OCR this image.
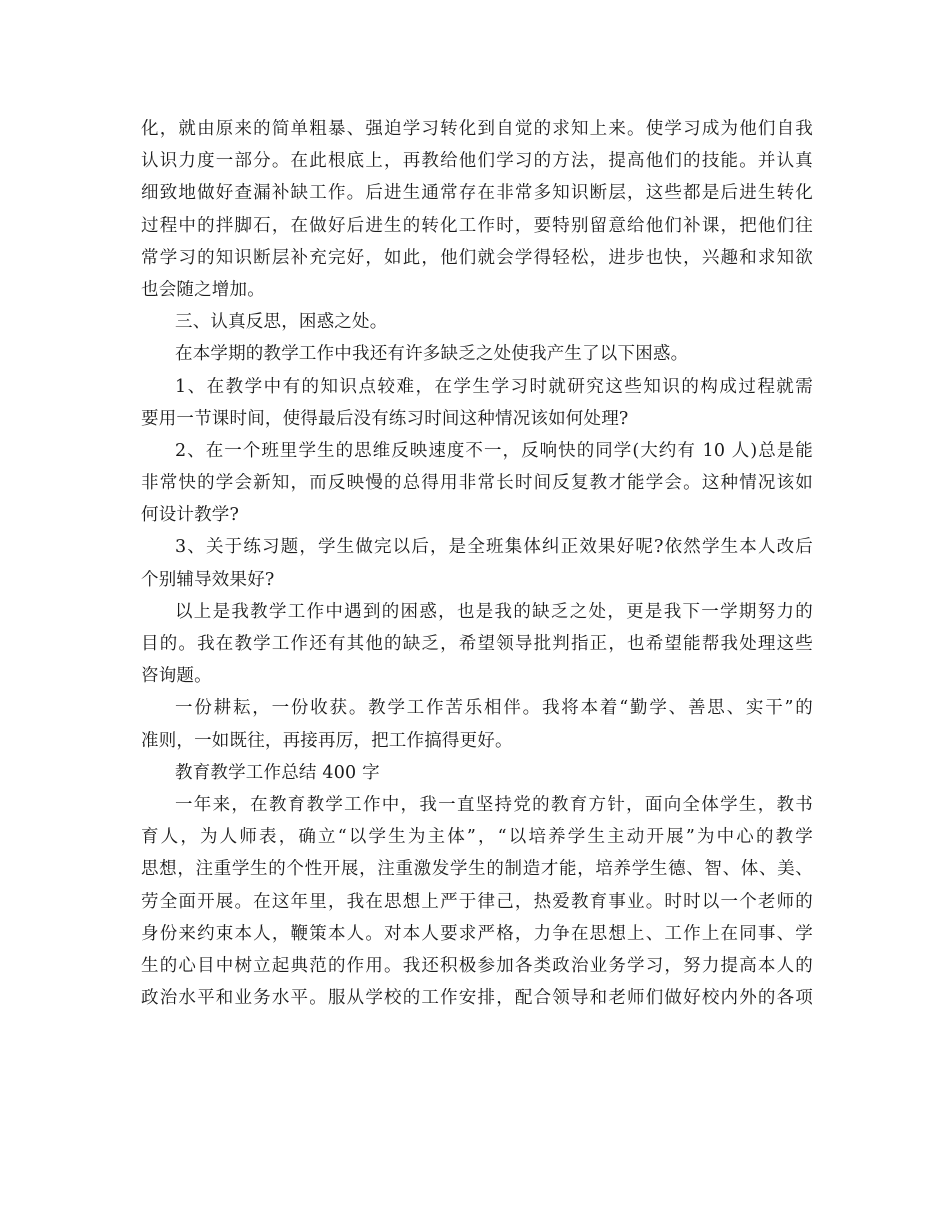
化，就由原来的简单粗暴、强迫学习转化到自觉的求知上来。使学习成为他们自我
认识力度一部分。在此根底上，再教给他们学习的方法，提高他们的技能。并认真
细致地做好查漏补缺工作。后进生通常存在非常多知识断层，这些都是后进生转化
过程中的拌脚石，在做好后进生的转化工作时，要特别留意给他们补课，把他们往
常学习的知识断层补充完好，如此，他们就会学得轻松，进步也快，兴趣和求知欲
也会随之增加。
三、认真反思，困惑之处。
在本学期的教学工作中我还有许多缺乏之处使我产生了以下困惑。
1、在教学中有的知识点较难，在学生学习时就研究这些知识的构成过程就需
要用一节课时间，使得最后没有练习时间这种情况该如何处理?
2、在一个班里学生的思维反映速度不一，反响快的同学(大约有 10 人)总是能
非常快的学会新知，而反映慢的总得用非常长时间反复教才能学会。这种情况该如
何设计教学?
3、关于练习题，学生做完以后，是全班集体纠正效果好呢?依然学生本人改后
个别辅导效果好?
以上是我教学工作中遇到的困惑，也是我的缺乏之处，更是我下一学期努力的
目的。我在教学工作还有其他的缺乏，希望领导批判指正，也希望能帮我处理这些
咨询题。
一份耕耘，一份收获。教学工作苦乐相伴。我将本着“勤学、善思、实干”的
准则，一如既往，再接再厉，把工作搞得更好。
教育教学工作总结 400 字
一年来，在教育教学工作中，我一直坚持党的教育方针，面向全体学生，教书
育人，为人师表，确立“以学生为主体”，“以培养学生主动开展”为中心的教学
思想，注重学生的个性开展，注重激发学生的制造才能，培养学生德、智、体、美、
劳全面开展。在这年里，我在思想上严于律己，热爱教育事业。时时以一个老师的
身份来约束本人，鞭策本人。对本人要求严格，力争在思想上、工作上在同事、学
生的心目中树立起典范的作用。我还积极参加各类政治业务学习，努力提高本人的
政治水平和业务水平。服从学校的工作安排，配合领导和老师们做好校内外的各项
